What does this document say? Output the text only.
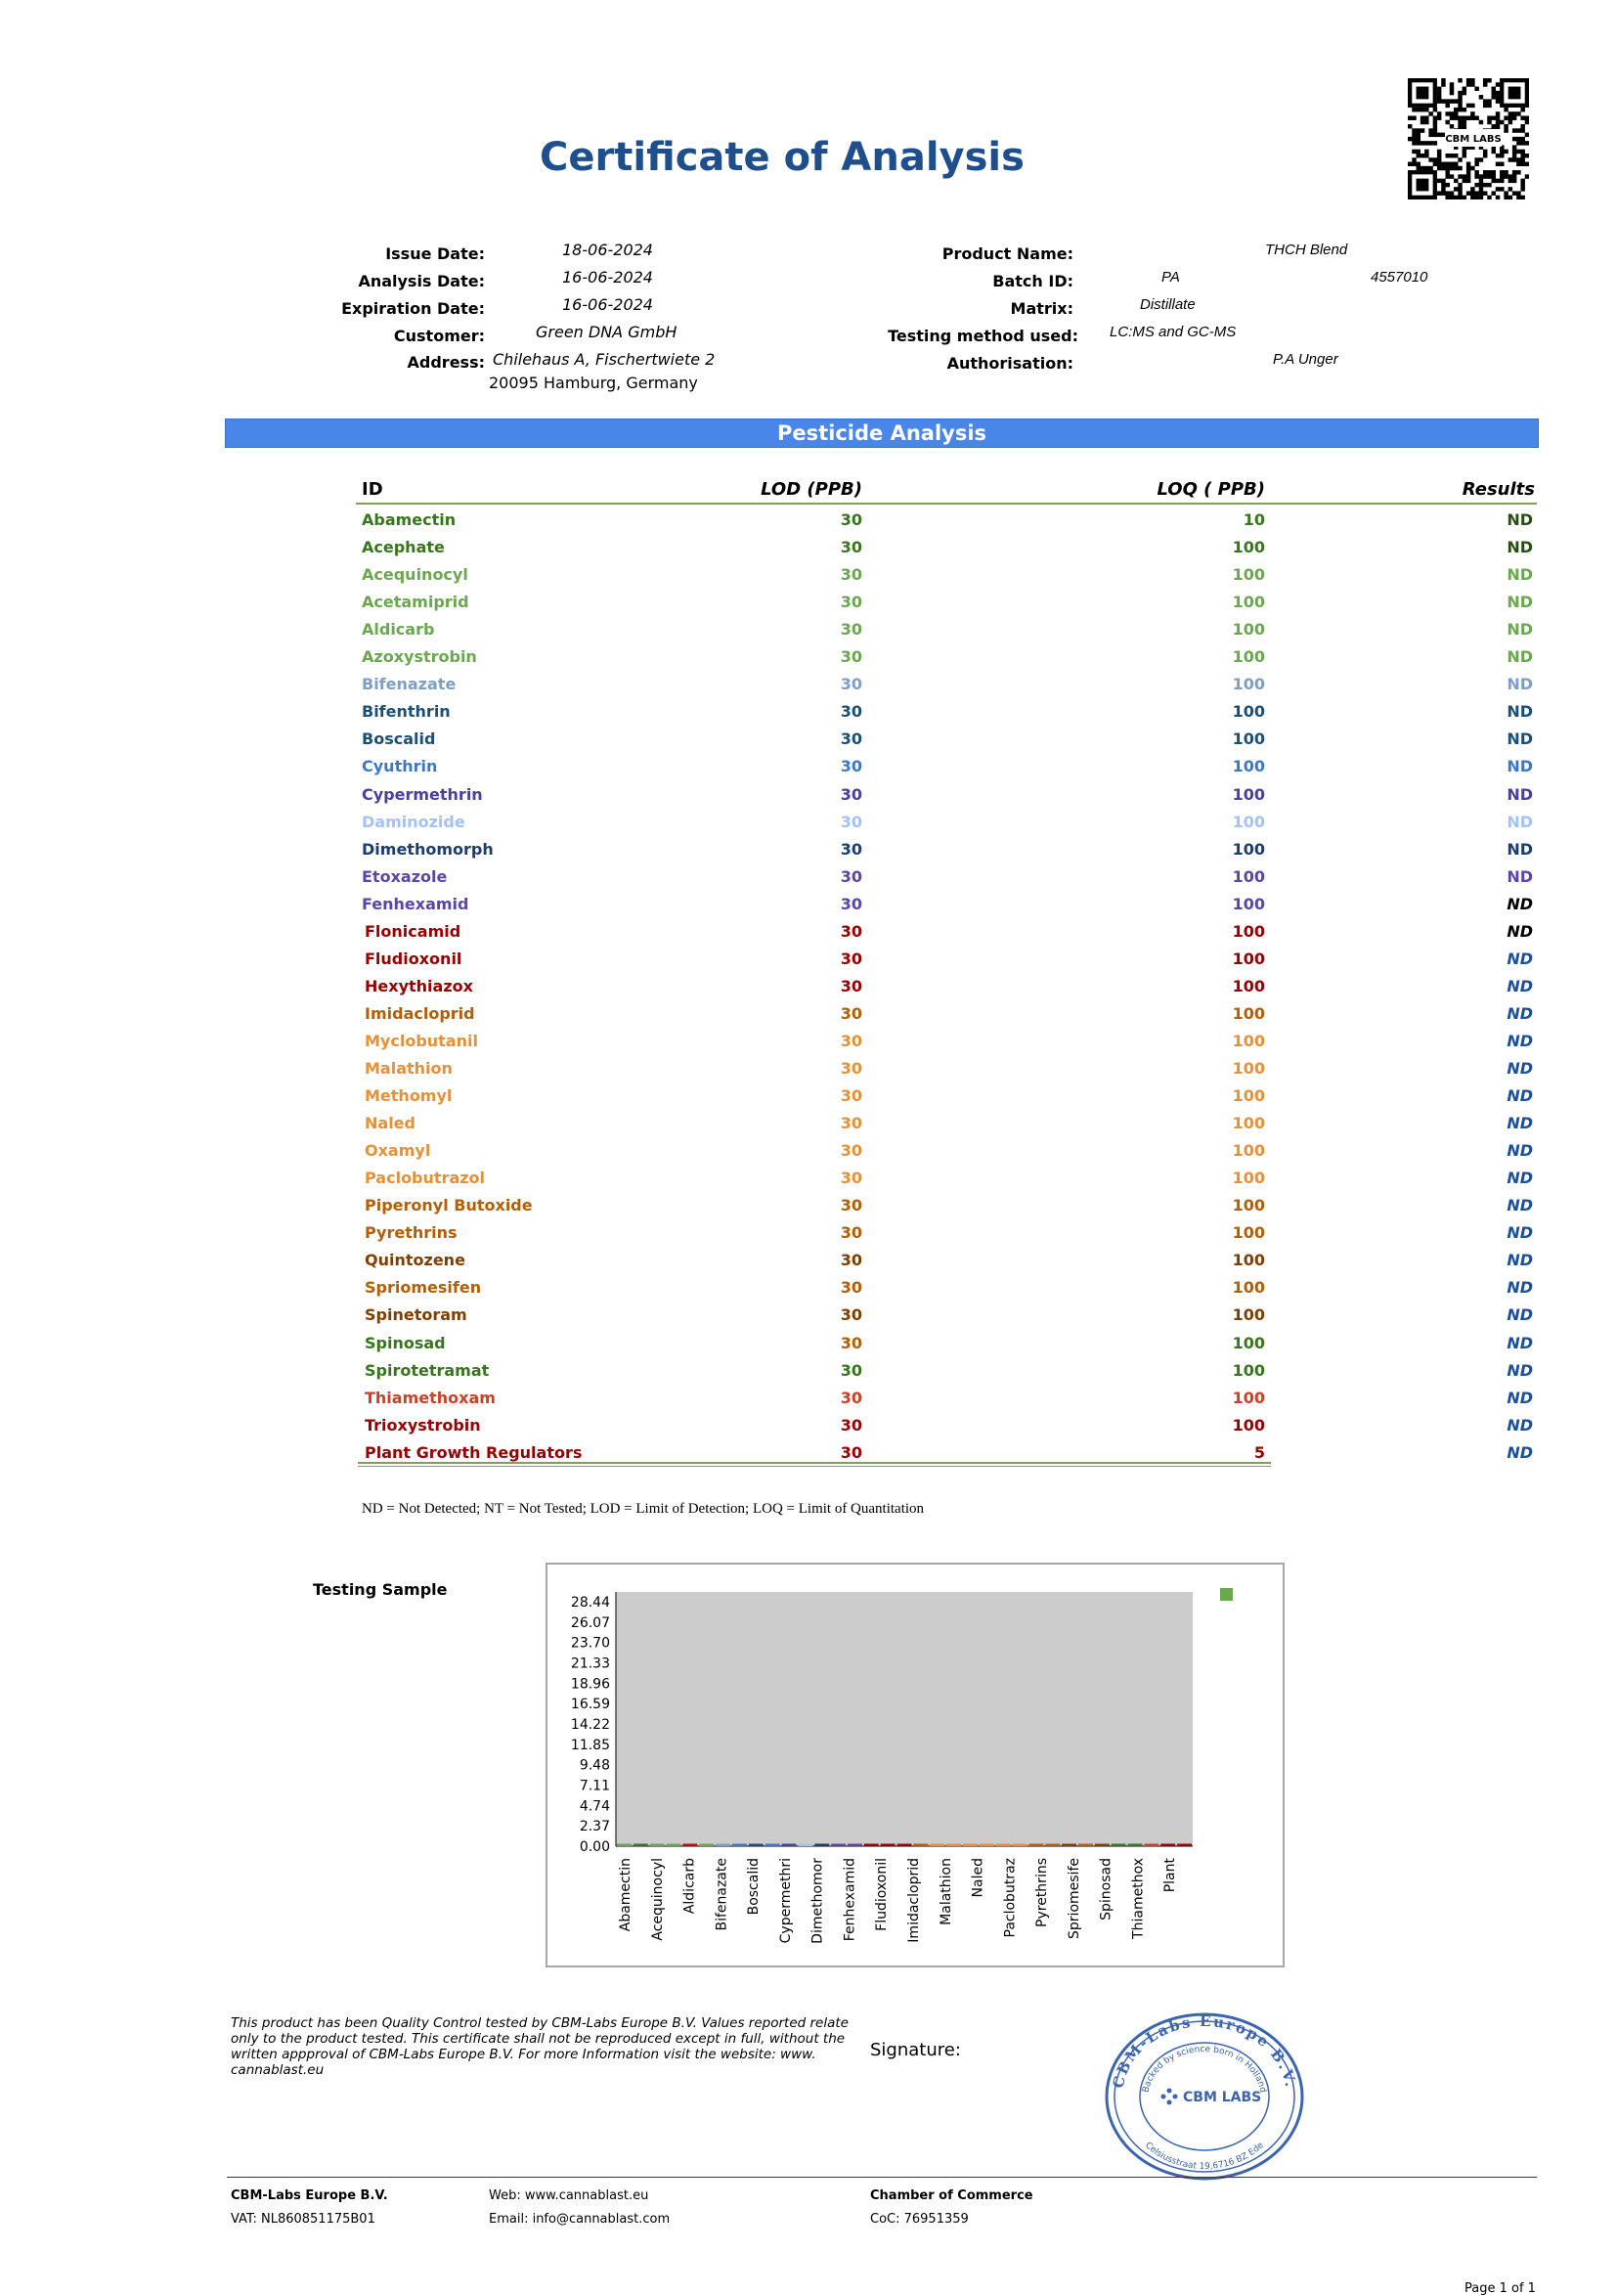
Certificate of Analysis	CBM LABS
Issue Date:	18-06-2024
Analysis Date:	16-06-2024
Expiration Date:	16-06-2024
Customer:	Green DNA GmbH
Address: Chilehaus A, Fischertwiete 2
20095 Hamburg, Germany
Product Name:	THCH Blend
Batch ID:	PA	4557010
Matrix:	Distillate
Testing method used: LC:MS and GC-MS
Authorisation:	P.A Unger
Pesticide Analysis
ID	LOD (PPB)	LOQ ( PPB)	Results
Abamectin	30	10	ND
Acephate	30	100	ND
Acequinocyl	30	100	ND
Acetamiprid	30	100	ND
Aldicarb	30	100	ND
Azoxystrobin	30	100	ND
Bifenazate	30	100	ND
Bifenthrin	30	100	ND
Boscalid	30	100	ND
Cyuthrin	30	100	ND
Cypermethrin	30	100	ND
Daminozide	30	100	ND
Dimethomorph	30	100	ND
Etoxazole	30	100	ND
Fenhexamid	30	100	ND
Flonicamid	30	100	ND
Fludioxonil	30	100	ND
Hexythiazox	30	100	ND
Imidacloprid	30	100	ND
Myclobutanil	30	100	ND
Malathion	30	100	ND
Methomyl	30	100	ND
Naled	30	100	ND
Oxamyl	30	100	ND
Paclobutrazol	30	100	ND
Piperonyl Butoxide	30	100	ND
Pyrethrins	30	100	ND
Quintozene	30	100	ND
Spriomesifen	30	100	ND
Spinetoram	30	100	ND
Spinosad	30	100	ND
Spirotetramat	30	100	ND
Thiamethoxam	30	100	ND
Trioxystrobin	30	100	ND
Plant Growth Regulators	30	5	ND
ND = Not Detected; NT = Not Tested; LOD = Limit of Detection; LOQ = Limit of Quantitation
Testing Sample
28.44
26.07
23.70
21.33
18.96
16.59
14.22
11.85
9.48
7.11
4.74
2.37
0.00
Abamectin Acequinocyl Aldicarb Bifenazate Boscalid Cypermethri Dimethomor Fenhexamid Fludioxonil Imidacloprid Malathion Naled Paclobutraz Pyrethrins Spriomesife Spinosad Thiamethox Plant
This product has been Quality Control tested by CBM-Labs Europe B.V. Values reported relate only to the product tested. This certificate shall not be reproduced except in full, without the written appproval of CBM-Labs Europe B.V. For more Information visit the website: www. cannablast.eu
Signature:
CBM-Labs Europe B.V.
Backed by science born in Holland
Celsiusstraat 19,6716 BZ Ede
CBM LABS
CBM-Labs Europe B.V.
VAT: NL860851175B01
Web: www.cannablast.eu
Email: info@cannablast.com
Chamber of Commerce
CoC: 76951359
Page 1 of 1
